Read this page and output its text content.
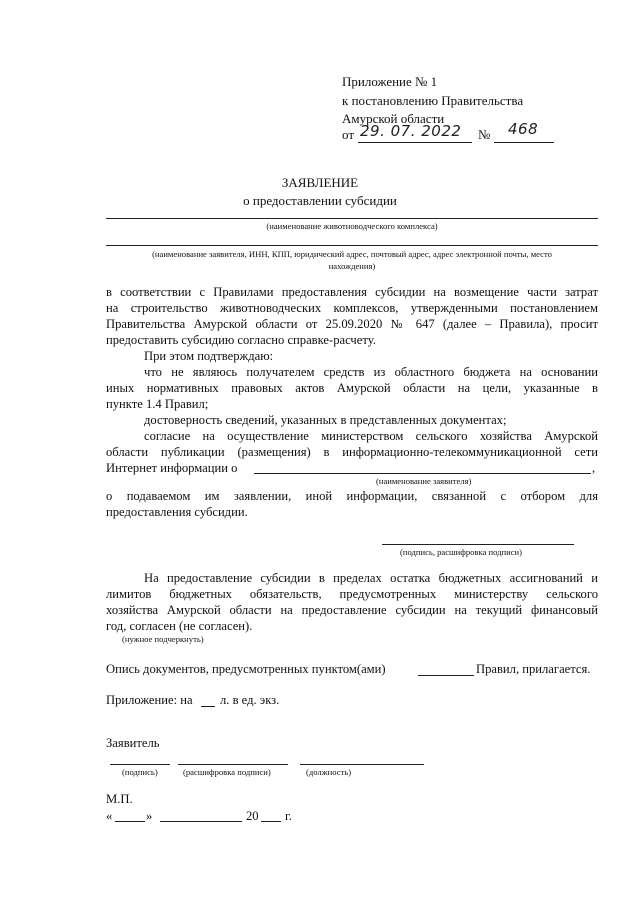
Приложение № 1
к постановлению Правительства
Амурской области
от 29. 07. 2022 № 468
ЗАЯВЛЕНИЕ
о предоставлении субсидии
(наименование животноводческого комплекса)
(наименование заявителя, ИНН, КПП, юридический адрес, почтовый адрес, адрес электронной почты, место
нахождения)
в соответствии с Правилами предоставления субсидии на возмещение части затрат
на строительство животноводческих комплексов, утвержденными постановлением
Правительства Амурской области от 25.09.2020 № 647 (далее – Правила), просит
предоставить субсидию согласно справке-расчету.
При этом подтверждаю:
что не являюсь получателем средств из областного бюджета на основании
иных нормативных правовых актов Амурской области на цели, указанные в
пункте 1.4 Правил;
достоверность сведений, указанных в представленных документах;
согласие на осуществление министерством сельского хозяйства Амурской
области публикации (размещения) в информационно-телекоммуникационной сети
Интернет информации о	,
(наименование заявителя)
о подаваемом им заявлении, иной информации, связанной с отбором для
предоставления субсидии.
(подпись, расшифровка подписи)
На предоставление субсидии в пределах остатка бюджетных ассигнований и
лимитов бюджетных обязательств, предусмотренных министерству сельского
хозяйства Амурской области на предоставление субсидии на текущий финансовый
год, согласен (не согласен).
(нужное подчеркнуть)
Опись документов, предусмотренных пунктом(ами)	Правил, прилагается.
Приложение: на л. в ед. экз.
Заявитель
(подпись)	(расшифровка подписи)	(должность)
М.П.
«	»	20 г.
